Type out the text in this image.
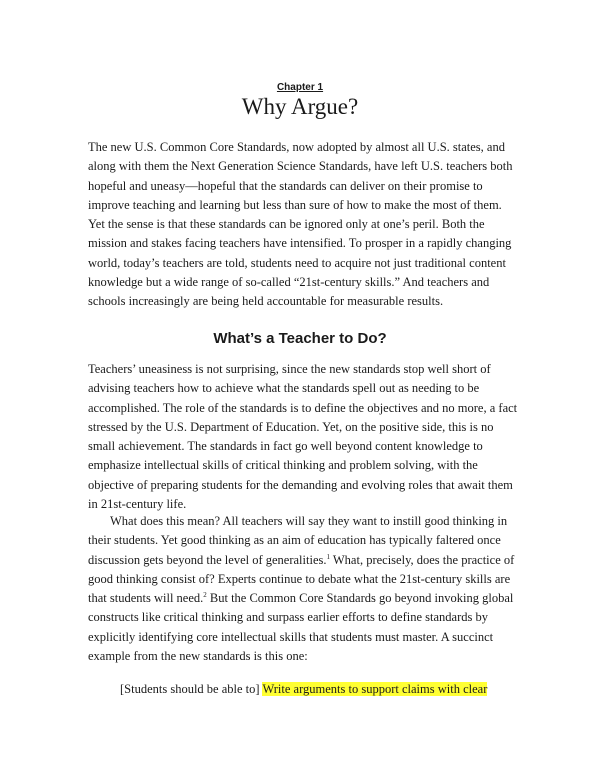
Chapter 1
Why Argue?

The new U.S. Common Core Standards, now adopted by almost all U.S. states, and along with them the Next Generation Science Standards, have left U.S. teachers both hopeful and uneasy—hopeful that the standards can deliver on their promise to improve teaching and learning but less than sure of how to make the most of them. Yet the sense is that these standards can be ignored only at one’s peril. Both the mission and stakes facing teachers have intensified. To prosper in a rapidly changing world, today’s teachers are told, students need to acquire not just traditional content knowledge but a wide range of so-called “21st-century skills.” And teachers and schools increasingly are being held accountable for measurable results.

What’s a Teacher to Do?

Teachers’ uneasiness is not surprising, since the new standards stop well short of advising teachers how to achieve what the standards spell out as needing to be accomplished. The role of the standards is to define the objectives and no more, a fact stressed by the U.S. Department of Education. Yet, on the positive side, this is no small achievement. The standards in fact go well beyond content knowledge to emphasize intellectual skills of critical thinking and problem solving, with the objective of preparing students for the demanding and evolving roles that await them in 21st-century life.

What does this mean? All teachers will say they want to instill good thinking in their students. Yet good thinking as an aim of education has typically faltered once discussion gets beyond the level of generalities.$^1$ What, precisely, does the practice of good thinking consist of? Experts continue to debate what the 21st-century skills are that students will need.$^2$ But the Common Core Standards go beyond invoking global constructs like critical thinking and surpass earlier efforts to define standards by explicitly identifying core intellectual skills that students must master. A succinct example from the new standards is this one:

[Students should be able to] Write arguments to support claims with clear
